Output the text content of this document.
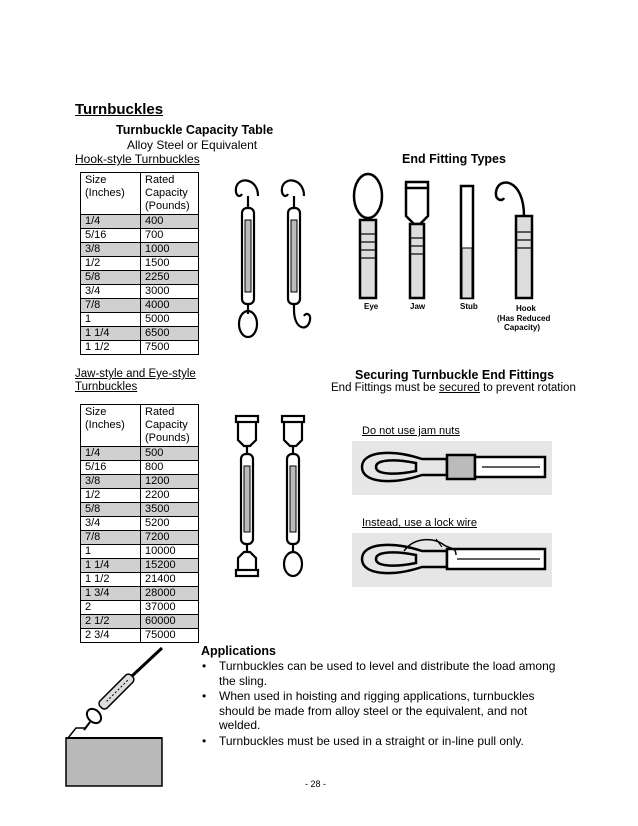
Turnbuckles
Turnbuckle Capacity Table
Alloy Steel or Equivalent
Hook-style Turnbuckles	End Fitting Types
Size (Inches)	Rated Capacity (Pounds)
1/4	400
5/16	700
3/8	1000
1/2	1500
5/8	2250
3/4	3000
7/8	4000
1	5000
1 1/4	6500
1 1/2	7500
Eye	Jaw	Stub	Hook
(Has Reduced
Capacity)
Jaw-style and Eye-style Turnbuckles
Securing Turnbuckle End Fittings
End Fittings must be secured to prevent rotation
Size (Inches)	Rated Capacity (Pounds)
1/4	500
5/16	800
3/8	1200
1/2	2200
5/8	3500
3/4	5200
7/8	7200
1	10000
1 1/4	15200
1 1/2	21400
1 3/4	28000
2	37000
2 1/2	60000
2 3/4	75000
Do not use jam nuts
Instead, use a lock wire
Applications
• Turnbuckles can be used to level and distribute the load among the sling.
• When used in hoisting and rigging applications, turnbuckles should be made from alloy steel or the equivalent, and not welded.
• Turnbuckles must be used in a straight or in-line pull only.
- 28 -
